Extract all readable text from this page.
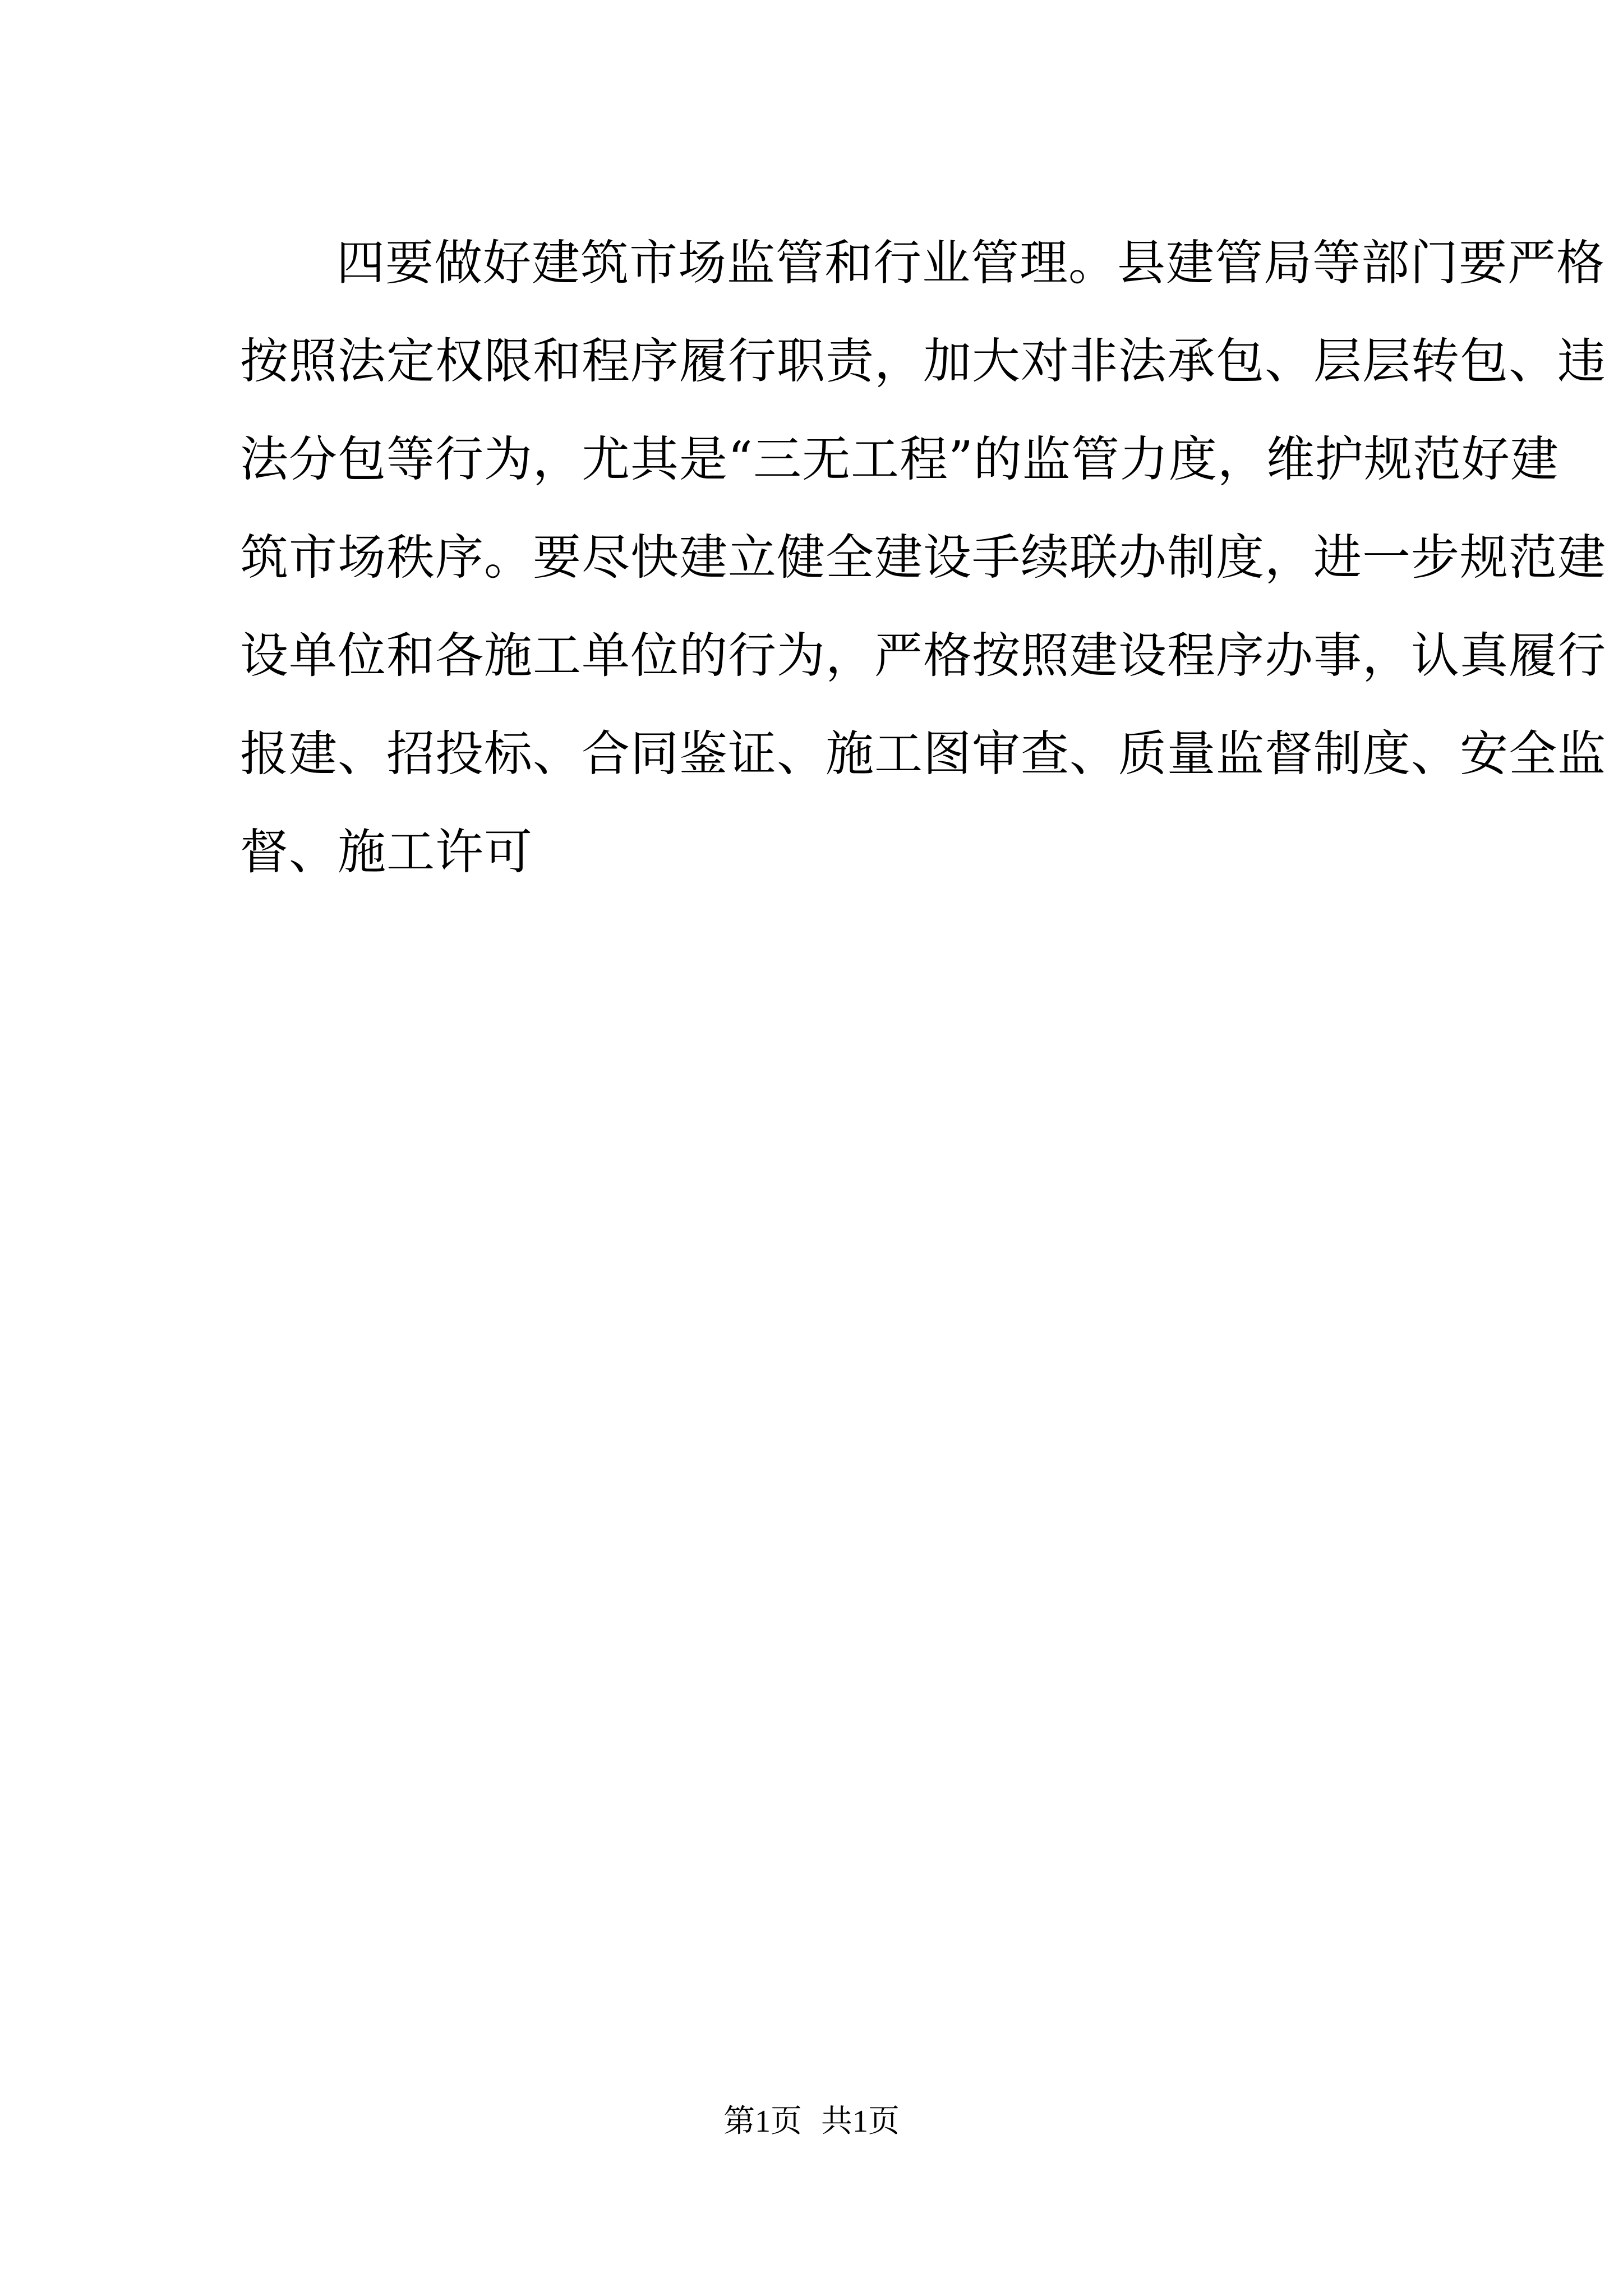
四要做好建筑市场监管和行业管理。县建管局等部门要严格
按照法定权限和程序履行职责，加大对非法承包、层层转包、违
法分包等行为，尤其是“三无工程”的监管力度，维护规范好建
筑市场秩序。要尽快建立健全建设手续联办制度，进一步规范建
设单位和各施工单位的行为，严格按照建设程序办事，认真履行
报建、招投标、合同鉴证、施工图审查、质量监督制度、安全监
督、施工许可
第1页 共1页
